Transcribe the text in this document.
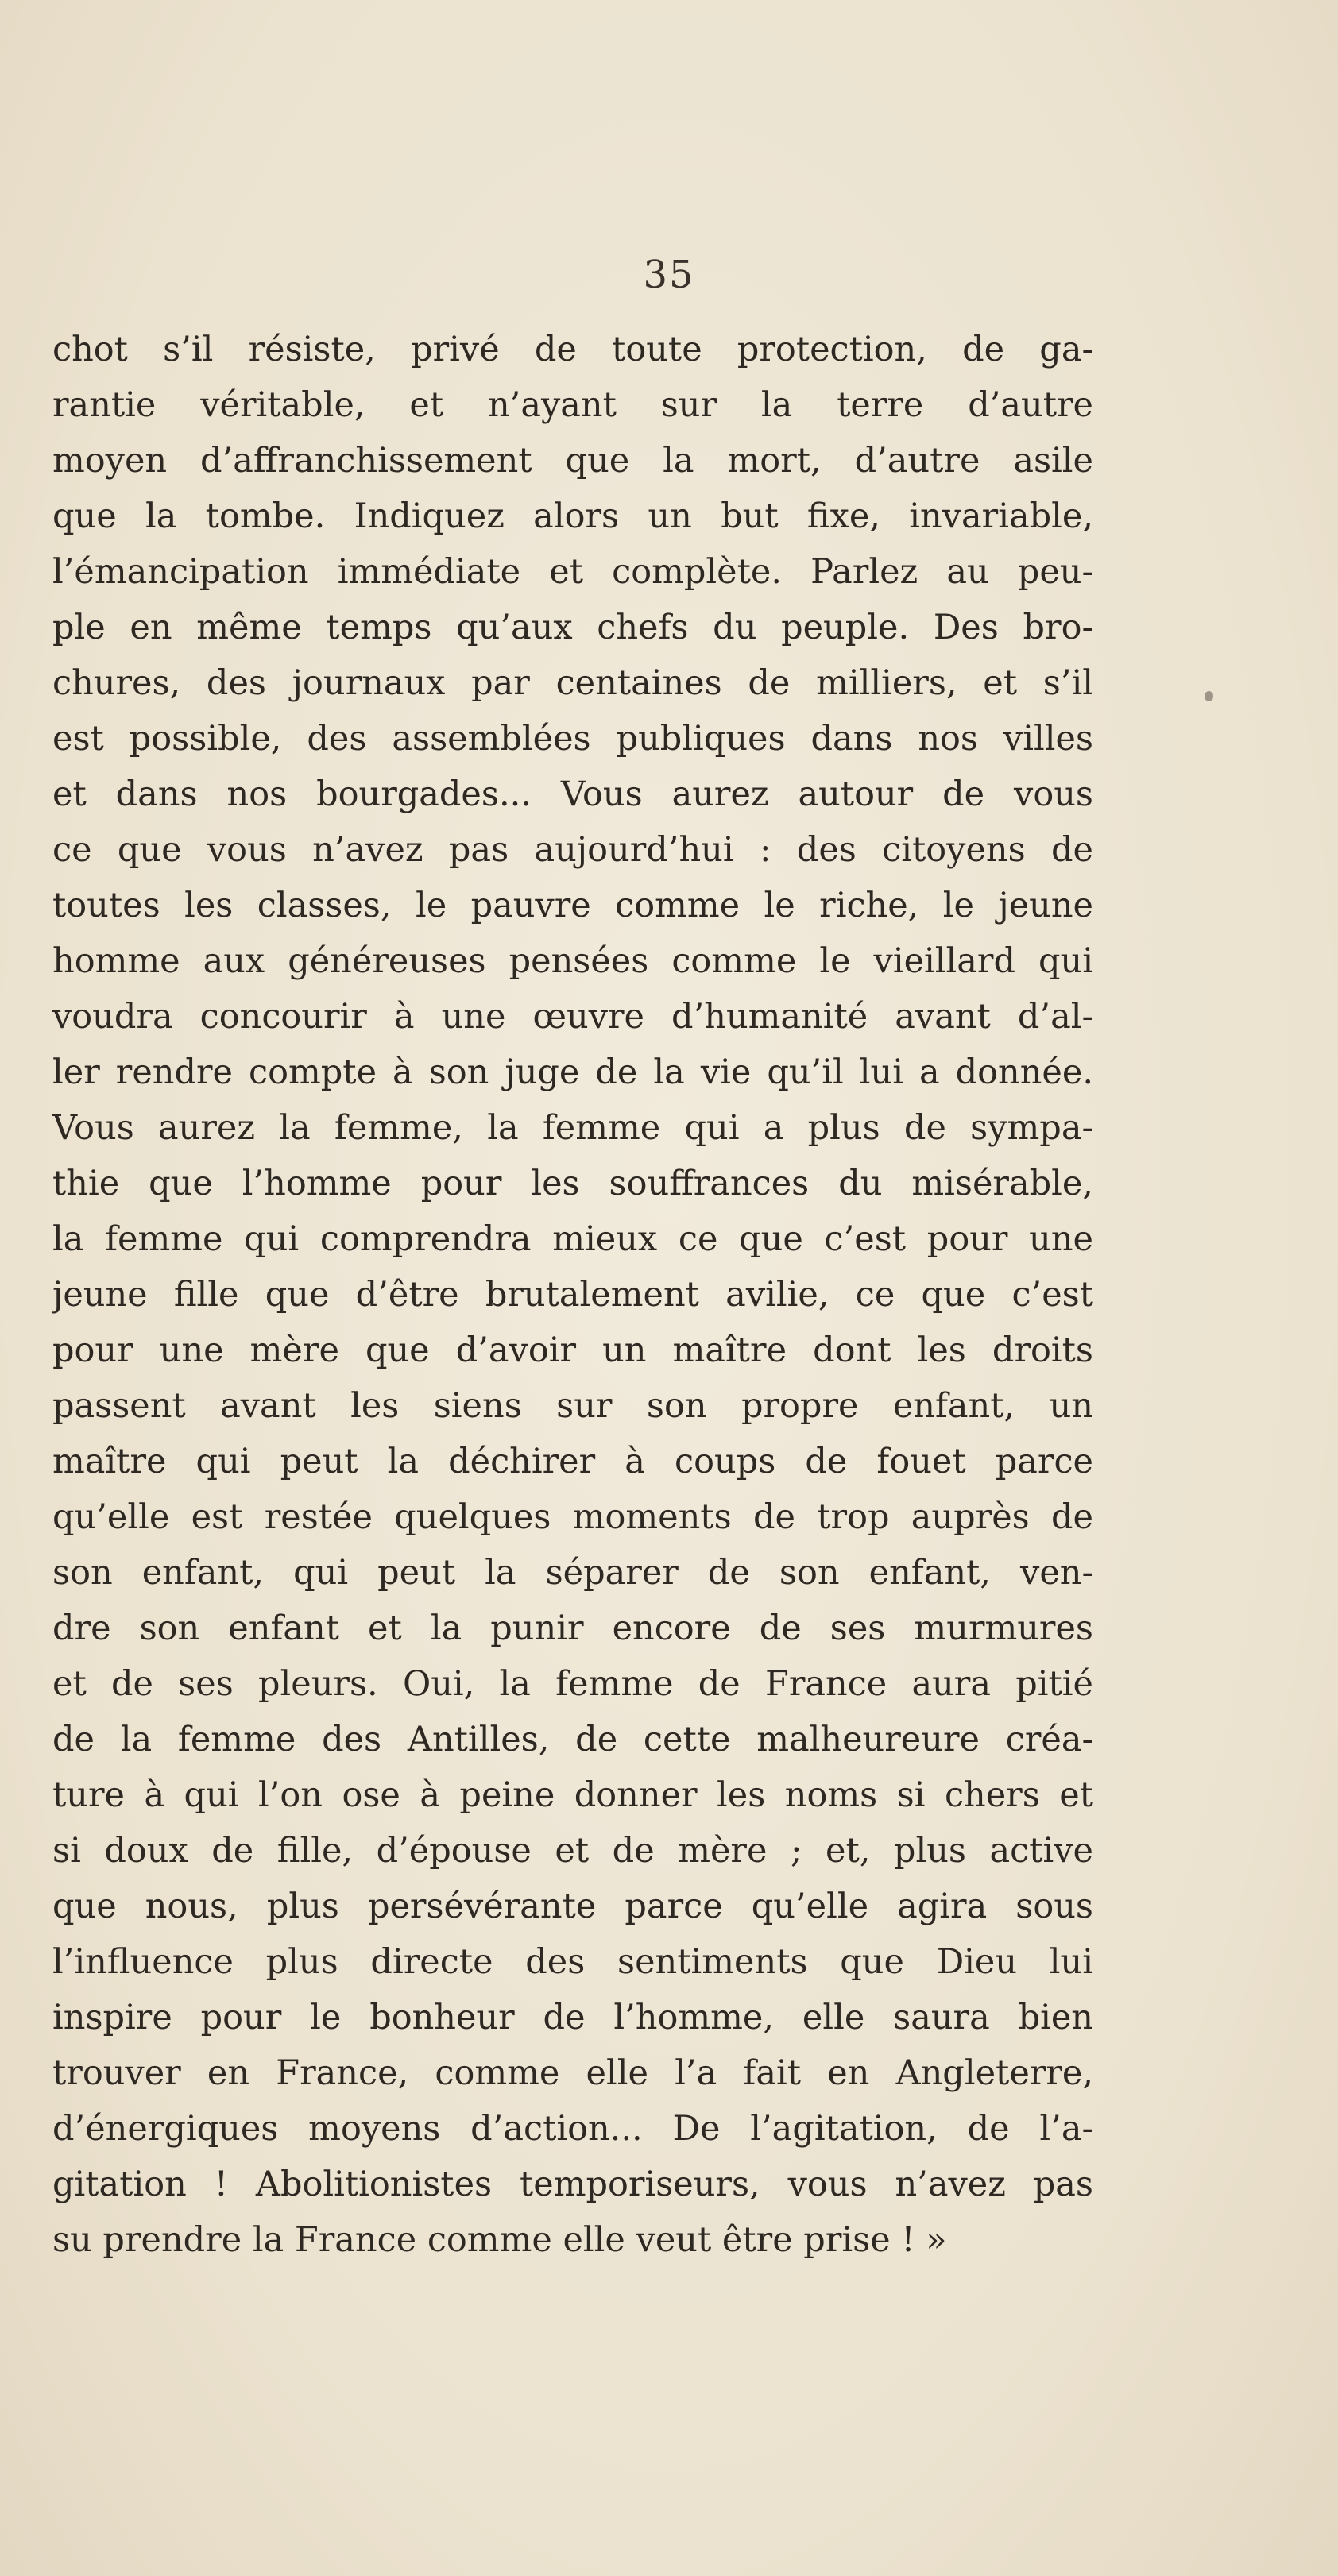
35
chot s’il résiste, privé de toute protection, de ga-
rantie véritable, et n’ayant sur la terre d’autre
moyen d’affranchissement que la mort, d’autre asile
que la tombe. Indiquez alors un but fixe, invariable,
l’émancipation immédiate et complète. Parlez au peu-
ple en même temps qu’aux chefs du peuple. Des bro-
chures, des journaux par centaines de milliers, et s’il
est possible, des assemblées publiques dans nos villes
et dans nos bourgades... Vous aurez autour de vous
ce que vous n’avez pas aujourd’hui : des citoyens de
toutes les classes, le pauvre comme le riche, le jeune
homme aux généreuses pensées comme le vieillard qui
voudra concourir à une œuvre d’humanité avant d’al-
ler rendre compte à son juge de la vie qu’il lui a donnée.
Vous aurez la femme, la femme qui a plus de sympa-
thie que l’homme pour les souffrances du misérable,
la femme qui comprendra mieux ce que c’est pour une
jeune fille que d’être brutalement avilie, ce que c’est
pour une mère que d’avoir un maître dont les droits
passent avant les siens sur son propre enfant, un
maître qui peut la déchirer à coups de fouet parce
qu’elle est restée quelques moments de trop auprès de
son enfant, qui peut la séparer de son enfant, ven-
dre son enfant et la punir encore de ses murmures
et de ses pleurs. Oui, la femme de France aura pitié
de la femme des Antilles, de cette malheureure créa-
ture à qui l’on ose à peine donner les noms si chers et
si doux de fille, d’épouse et de mère ; et, plus active
que nous, plus persévérante parce qu’elle agira sous
l’influence plus directe des sentiments que Dieu lui
inspire pour le bonheur de l’homme, elle saura bien
trouver en France, comme elle l’a fait en Angleterre,
d’énergiques moyens d’action... De l’agitation, de l’a-
gitation ! Abolitionistes temporiseurs, vous n’avez pas
su prendre la France comme elle veut être prise ! »
